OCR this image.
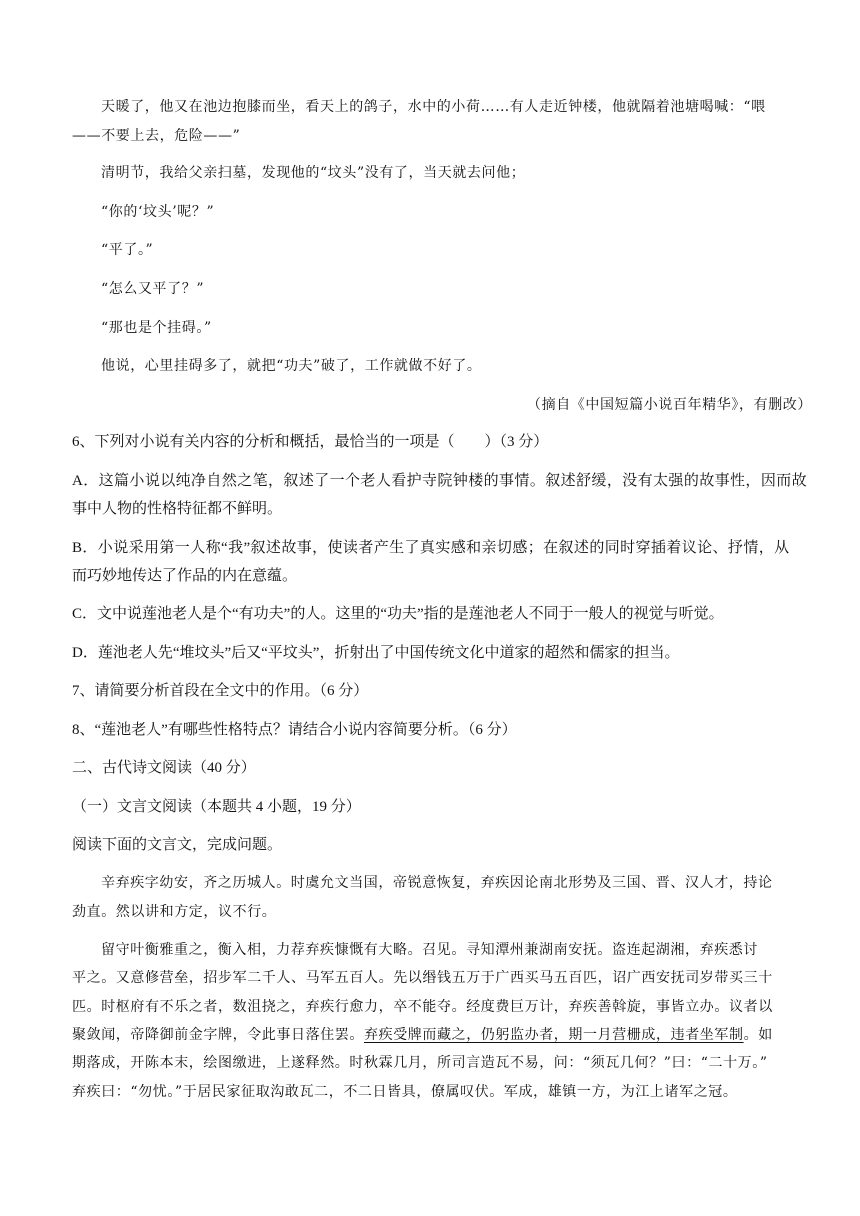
天暖了，他又在池边抱膝而坐，看天上的鸽子，水中的小荷……有人走近钟楼，他就隔着池塘喝喊：“喂
——不要上去，危险——”
清明节，我给父亲扫墓，发现他的“坟头”没有了，当天就去问他；
“你的‘坟头’呢？”
“平了。”
“怎么又平了？”
“那也是个挂碍。”
他说，心里挂碍多了，就把“功夫”破了，工作就做不好了。
（摘自《中国短篇小说百年精华》，有删改）
6、下列对小说有关内容的分析和概括，最恰当的一项是（　　）（3 分）
A．这篇小说以纯净自然之笔，叙述了一个老人看护寺院钟楼的事情。叙述舒缓，没有太强的故事性，因而故
事中人物的性格特征都不鲜明。
B．小说采用第一人称“我”叙述故事，使读者产生了真实感和亲切感；在叙述的同时穿插着议论、抒情，从
而巧妙地传达了作品的内在意蕴。
C．文中说莲池老人是个“有功夫”的人。这里的“功夫”指的是莲池老人不同于一般人的视觉与听觉。
D．莲池老人先“堆坟头”后又“平坟头”，折射出了中国传统文化中道家的超然和儒家的担当。
7、请简要分析首段在全文中的作用。（6 分）
8、“莲池老人”有哪些性格特点？请结合小说内容简要分析。（6 分）
二、古代诗文阅读（40 分）
（一）文言文阅读（本题共 4 小题，19 分）
阅读下面的文言文，完成问题。
辛弃疾字幼安，齐之历城人。时虞允文当国，帝锐意恢复，弃疾因论南北形势及三国、晋、汉人才，持论
劲直。然以讲和方定，议不行。
留守叶衡雅重之，衡入相，力荐弃疾慷慨有大略。召见。寻知潭州兼湖南安抚。盗连起湖湘，弃疾悉讨
平之。又意修营垒，招步军二千人、马军五百人。先以缗钱五万于广西买马五百匹，诏广西安抚司岁带买三十
匹。时枢府有不乐之者，数沮挠之，弃疾行愈力，卒不能夺。经度费巨万计，弃疾善斡旋，事皆立办。议者以
聚敛闻，帝降御前金字牌，令此事日落住罢。弃疾受牌而藏之，仍躬监办者，期一月营栅成，违者坐军制。如
期落成，开陈本末，绘图缴进，上遂释然。时秋霖几月，所司言造瓦不易，问：“须瓦几何？”曰：“二十万。”
弃疾曰：“勿忧。”于居民家征取沟敢瓦二，不二日皆具，僚属叹伏。军成，雄镇一方，为江上诸军之冠。
